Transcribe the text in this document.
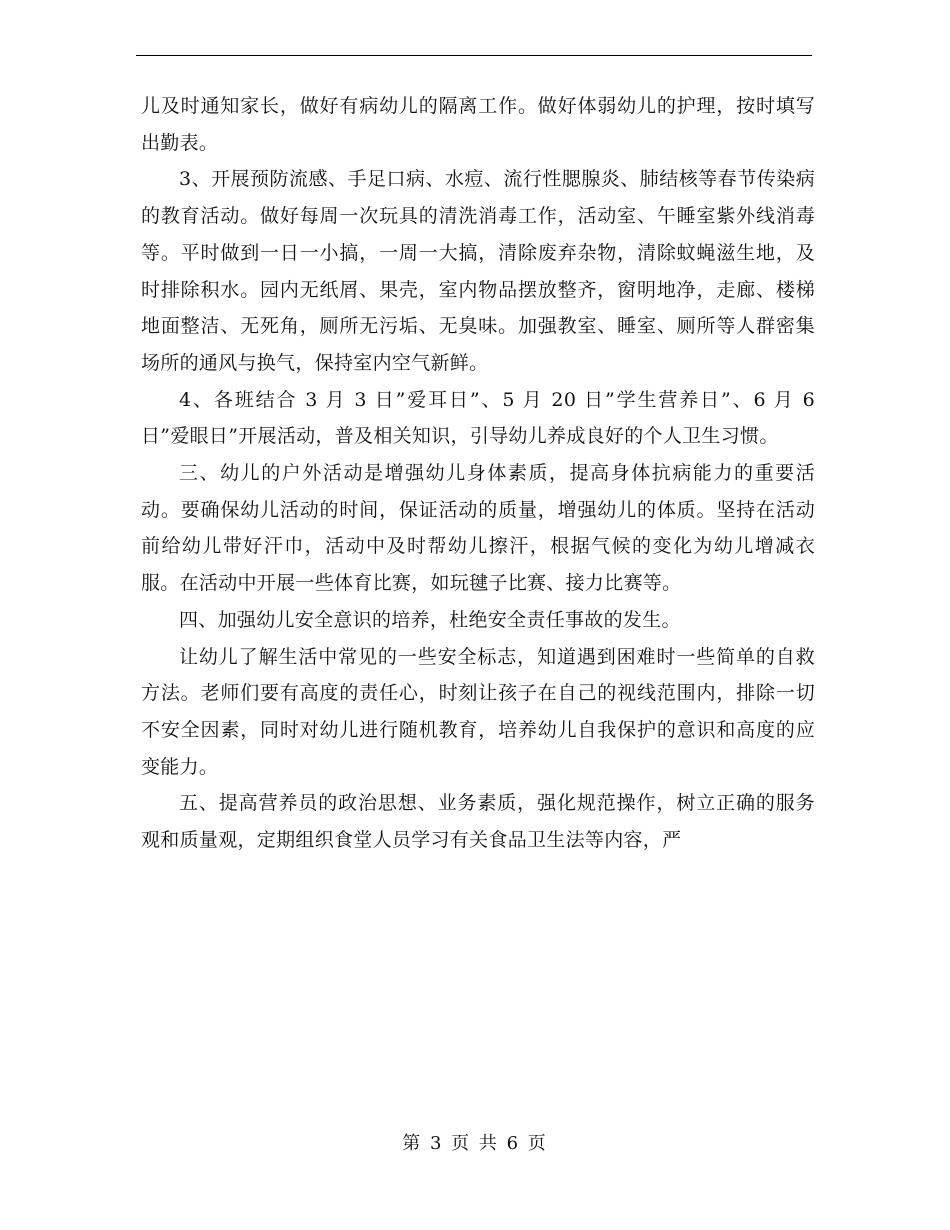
儿及时通知家长，做好有病幼儿的隔离工作。做好体弱幼儿的护理，按时填写出勤表。

3、开展预防流感、手足口病、水痘、流行性腮腺炎、肺结核等春节传染病的教育活动。做好每周一次玩具的清洗消毒工作，活动室、午睡室紫外线消毒等。平时做到一日一小搞，一周一大搞，清除废弃杂物，清除蚊蝇滋生地，及时排除积水。园内无纸屑、果壳，室内物品摆放整齐，窗明地净，走廊、楼梯地面整洁、无死角，厕所无污垢、无臭味。加强教室、睡室、厕所等人群密集场所的通风与换气，保持室内空气新鲜。

4、各班结合 3 月 3 日”爱耳日”、5 月 20 日”学生营养日”、6 月 6 日”爱眼日”开展活动，普及相关知识，引导幼儿养成良好的个人卫生习惯。

三、幼儿的户外活动是增强幼儿身体素质，提高身体抗病能力的重要活动。要确保幼儿活动的时间，保证活动的质量，增强幼儿的体质。坚持在活动前给幼儿带好汗巾，活动中及时帮幼儿擦汗，根据气候的变化为幼儿增减衣服。在活动中开展一些体育比赛，如玩毽子比赛、接力比赛等。

四、加强幼儿安全意识的培养，杜绝安全责任事故的发生。

让幼儿了解生活中常见的一些安全标志，知道遇到困难时一些简单的自救方法。老师们要有高度的责任心，时刻让孩子在自己的视线范围内，排除一切不安全因素，同时对幼儿进行随机教育，培养幼儿自我保护的意识和高度的应变能力。

五、提高营养员的政治思想、业务素质，强化规范操作，树立正确的服务观和质量观，定期组织食堂人员学习有关食品卫生法等内容，严

第 3 页 共 6 页
